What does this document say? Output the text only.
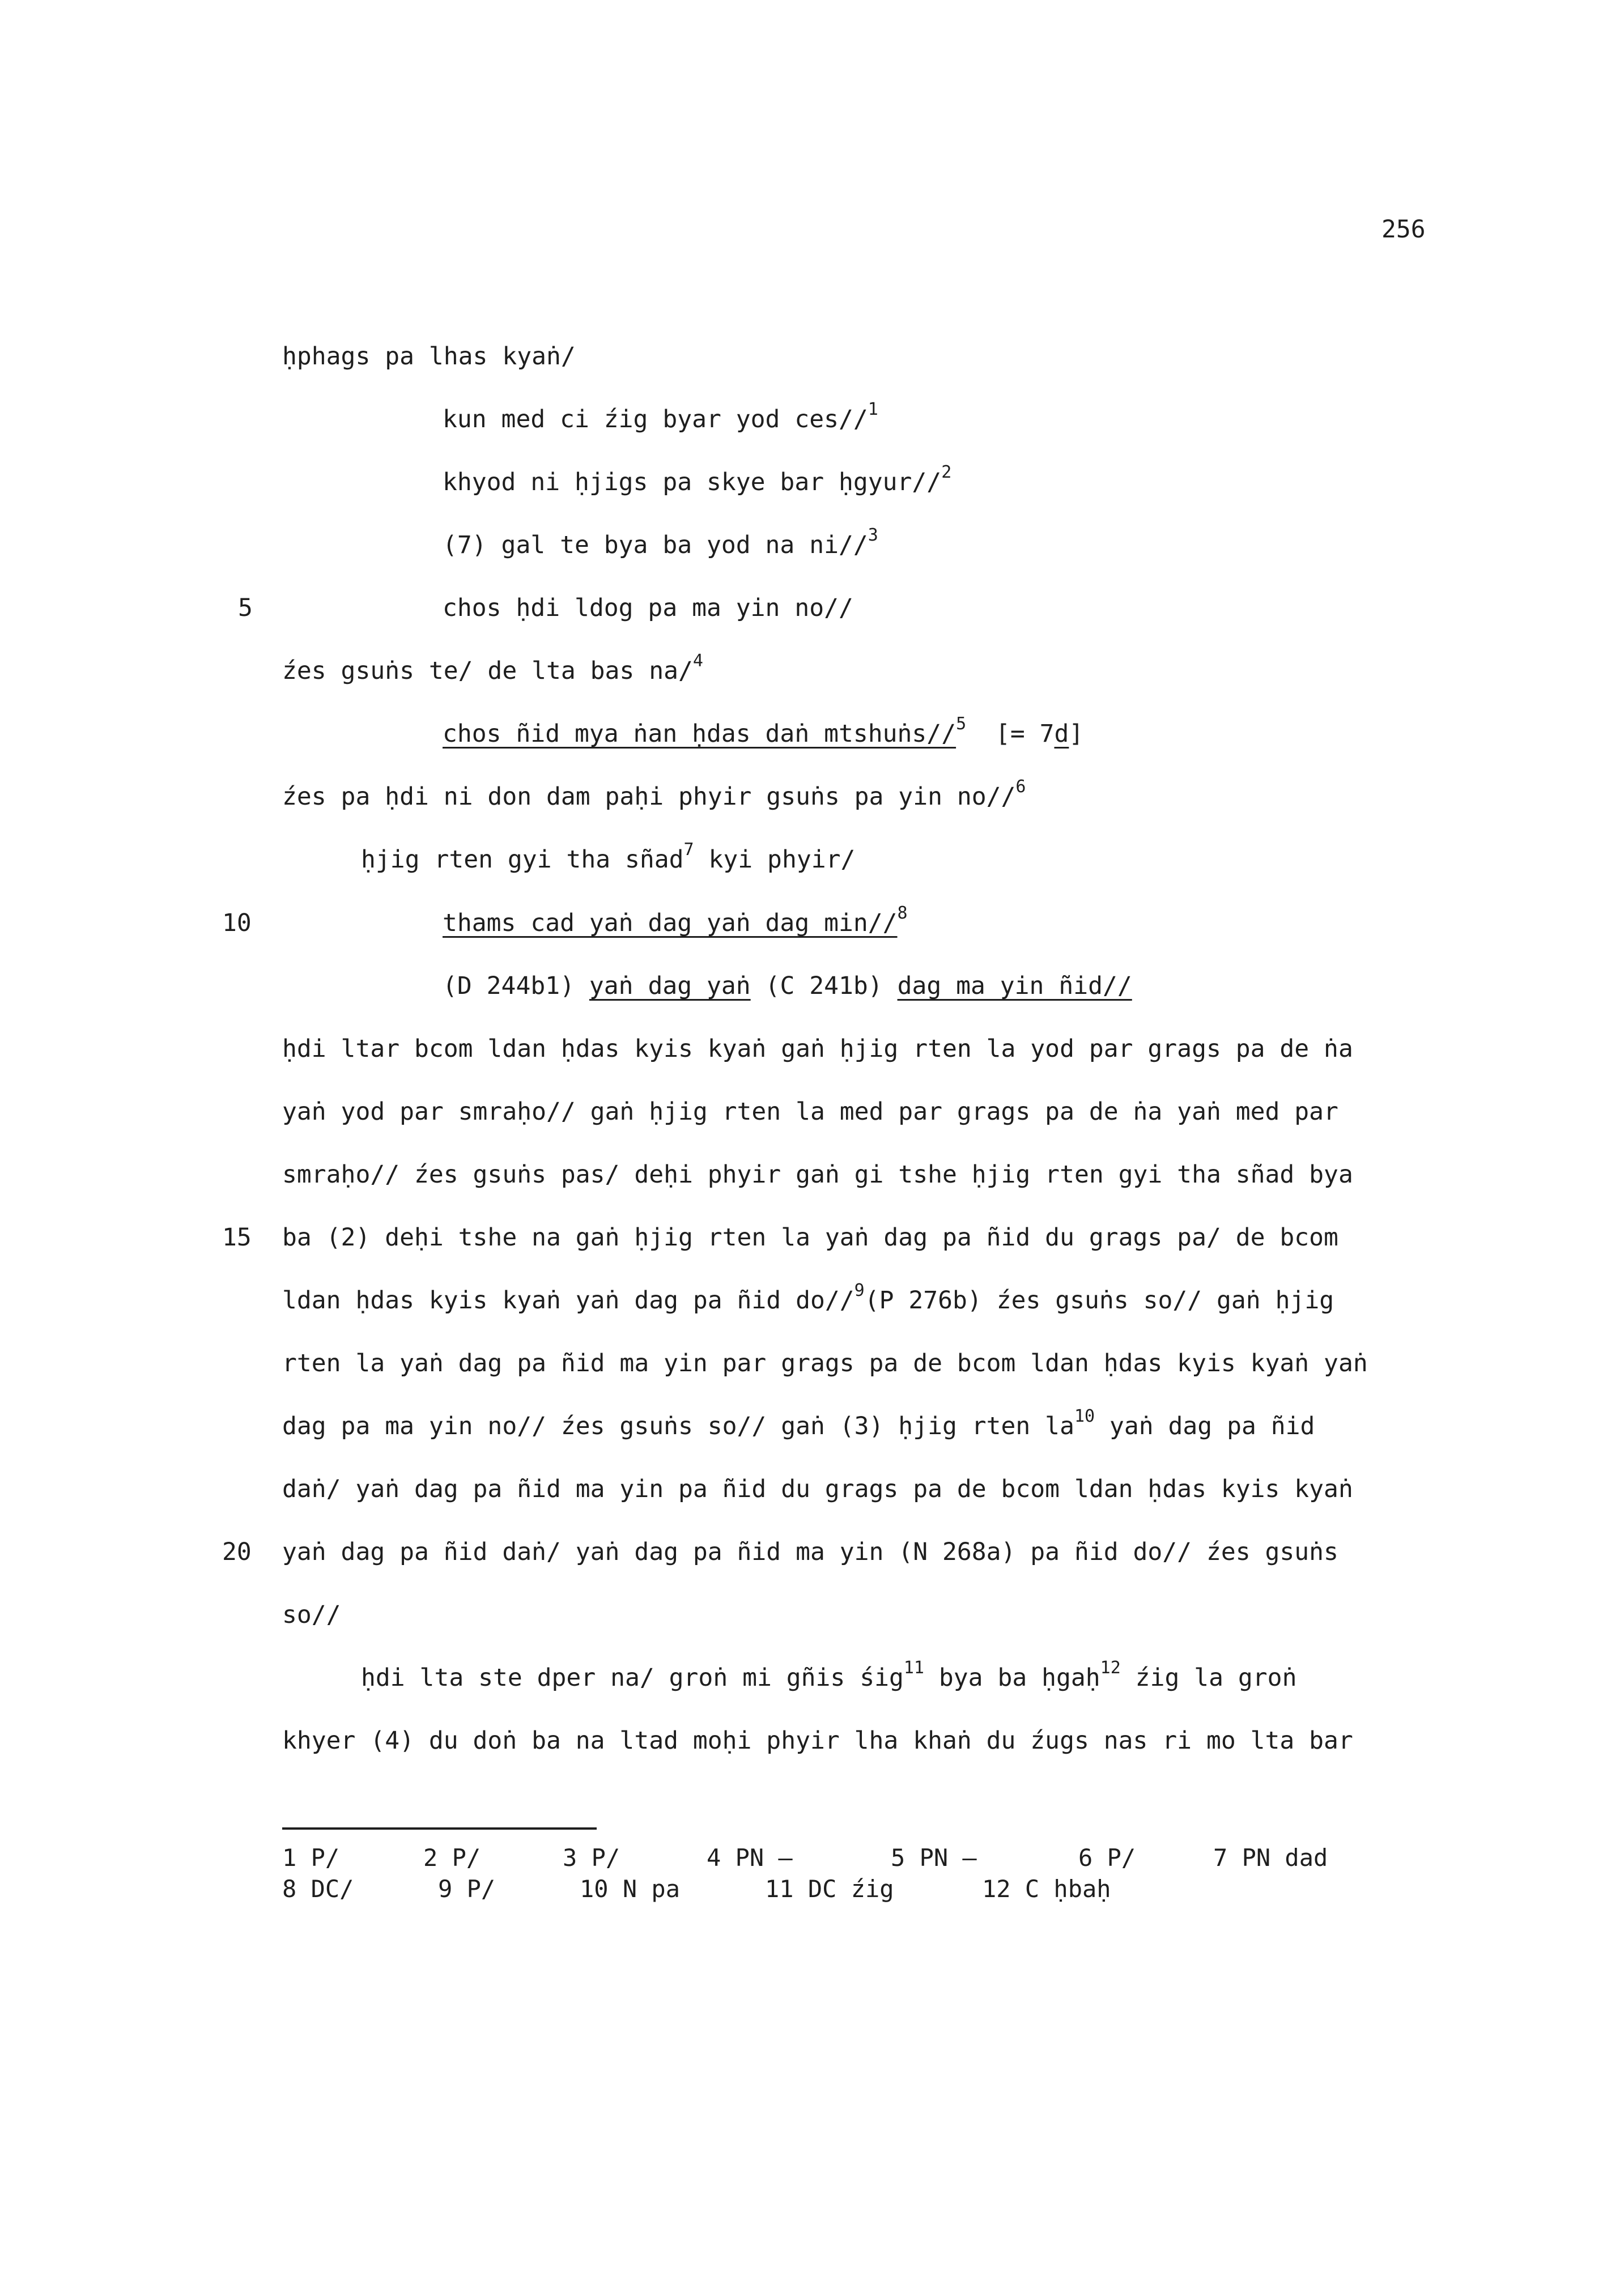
256
ḥphags pa lhas kyaṅ/
kun med ci źig byar yod ces//$^1$
khyod ni ḥjigs pa skye bar ḥgyur//$^2$
(7) gal te bya ba yod na ni//$^3$
5	chos ḥdi ldog pa ma yin no//
źes gsuṅs te/ de lta bas na/$^4$
chos ñid mya ṅan ḥdas daṅ mtshuṅs//$^5$  [= 7d]
źes pa ḥdi ni don dam paḥi phyir gsuṅs pa yin no//$^6$
ḥjig rten gyi tha sñad$^7$ kyi phyir/
10	thams cad yaṅ dag yaṅ dag min//$^8$
(D 244b1) yaṅ dag yaṅ (C 241b) dag ma yin ñid//
ḥdi ltar bcom ldan ḥdas kyis kyaṅ gaṅ ḥjig rten la yod par grags pa de ṅa
yaṅ yod par smraḥo// gaṅ ḥjig rten la med par grags pa de ṅa yaṅ med par
smraḥo// źes gsuṅs pas/ deḥi phyir gaṅ gi tshe ḥjig rten gyi tha sñad bya
15 ba (2) deḥi tshe na gaṅ ḥjig rten la yaṅ dag pa ñid du grags pa/ de bcom
ldan ḥdas kyis kyaṅ yaṅ dag pa ñid do//$^9$(P 276b) źes gsuṅs so// gaṅ ḥjig
rten la yaṅ dag pa ñid ma yin par grags pa de bcom ldan ḥdas kyis kyaṅ yaṅ
dag pa ma yin no// źes gsuṅs so// gaṅ (3) ḥjig rten $la^{10}$ yaṅ dag pa ñid
daṅ/ yaṅ dag pa ñid ma yin pa ñid du grags pa de bcom ldan ḥdas kyis kyaṅ
20 yaṅ dag pa ñid daṅ/ yaṅ dag pa ñid ma yin (N 268a) pa ñid do// źes gsuṅs
so//
ḥdi lta ste dper na/ groṅ mi gñis śig$^{11}$ bya ba ḥgaḥ$^{12}$ źig la groṅ
khyer (4) du doṅ ba na ltad moḥi phyir lha khaṅ du źugs nas ri mo lta bar
1 P/	2 P/	3 P/	4 PN —	5 PN —	6 P/	7 PN dad
8 DC/	9 P/	10 N pa	11 DC źig	12 C ḥbaḥ
